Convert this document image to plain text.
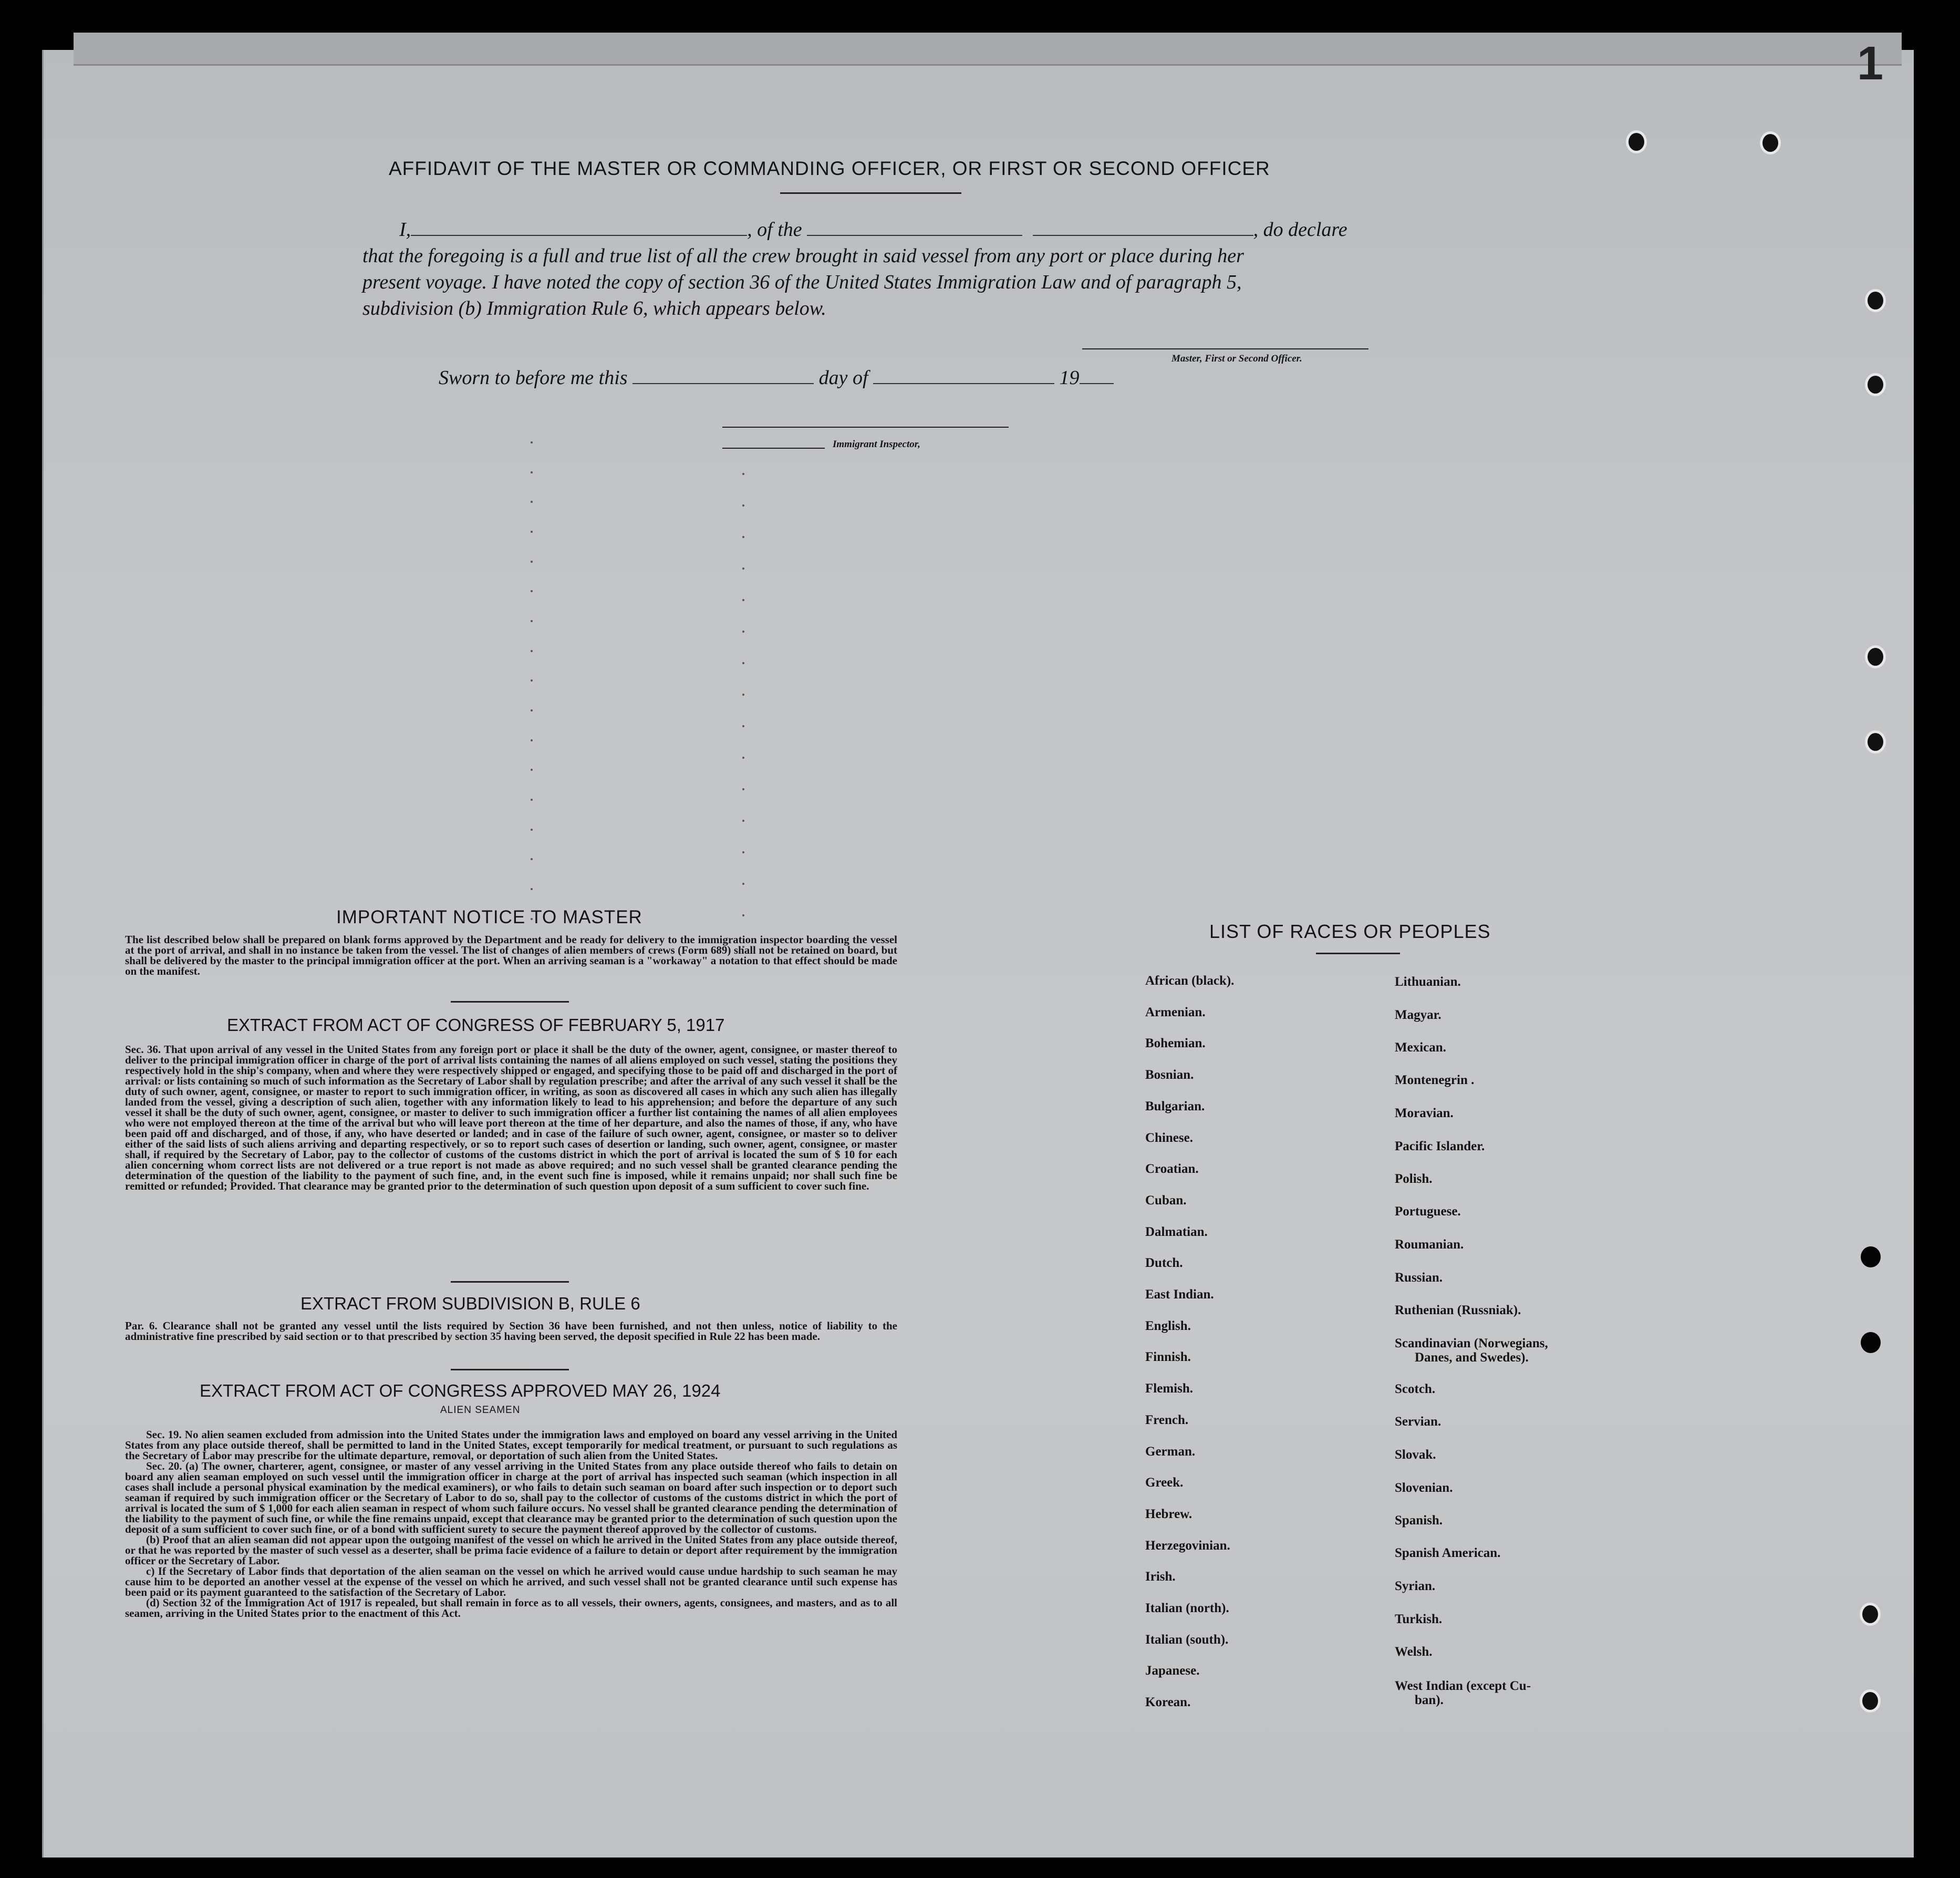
1
AFFIDAVIT OF THE MASTER OR COMMANDING OFFICER, OR FIRST OR SECOND OFFICER
I,	, of the	, do declare
that the foregoing is a full and true list of all the crew brought in said vessel from any port or place during her
present voyage. I have noted the copy of section 36 of the United States Immigration Law and of paragraph 5,
subdivision (b) Immigration Rule 6, which appears below.
Master, First or Second Officer.
Sworn to before me this	day of	19
Immigrant Inspector,
IMPORTANT NOTICE TO MASTER
The list described below shall be prepared on blank forms approved by the Department and be ready for delivery to the immigration inspector boarding the vessel at the port of arrival, and shall in no instance be taken from the vessel. The list of changes of alien members of crews (Form 689) shall not be retained on board, but shall be delivered by the master to the principal immigration officer at the port. When an arriving seaman is a "workaway" a notation to that effect should be made on the manifest.
EXTRACT FROM ACT OF CONGRESS OF FEBRUARY 5, 1917
Sec. 36. That upon arrival of any vessel in the United States from any foreign port or place it shall be the duty of the owner, agent, consignee, or master thereof to deliver to the principal immigration officer in charge of the port of arrival lists containing the names of all aliens employed on such vessel, stating the positions they respectively hold in the ship's company, when and where they were respectively shipped or engaged, and specifying those to be paid off and discharged in the port of arrival: or lists containing so much of such information as the Secretary of Labor shall by regulation prescribe; and after the arrival of any such vessel it shall be the duty of such owner, agent, consignee, or master to report to such immigration officer, in writing, as soon as discovered all cases in which any such alien has illegally landed from the vessel, giving a description of such alien, together with any information likely to lead to his apprehension; and before the departure of any such vessel it shall be the duty of such owner, agent, consignee, or master to deliver to such immigration officer a further list containing the names of all alien employees who were not employed thereon at the time of the arrival but who will leave port thereon at the time of her departure, and also the names of those, if any, who have been paid off and discharged, and of those, if any, who have deserted or landed; and in case of the failure of such owner, agent, consignee, or master so to deliver either of the said lists of such aliens arriving and departing respectively, or so to report such cases of desertion or landing, such owner, agent, consignee, or master shall, if required by the Secretary of Labor, pay to the collector of customs of the customs district in which the port of arrival is located the sum of $ 10 for each alien concerning whom correct lists are not delivered or a true report is not made as above required; and no such vessel shall be granted clearance pending the determination of the question of the liability to the payment of such fine, and, in the event such fine is imposed, while it remains unpaid; nor shall such fine be remitted or refunded; Provided. That clearance may be granted prior to the determination of such question upon deposit of a sum sufficient to cover such fine.
EXTRACT FROM SUBDIVISION B, RULE 6
Par. 6. Clearance shall not be granted any vessel until the lists required by Section 36 have been furnished, and not then unless, notice of liability to the administrative fine prescribed by said section or to that prescribed by section 35 having been served, the deposit specified in Rule 22 has been made.
EXTRACT FROM ACT OF CONGRESS APPROVED MAY 26, 1924
ALIEN SEAMEN
Sec. 19. No alien seamen excluded from admission into the United States under the immigration laws and employed on board any vessel arriving in the United States from any place outside thereof, shall be permitted to land in the United States, except temporarily for medical treatment, or pursuant to such regulations as the Secretary of Labor may prescribe for the ultimate departure, removal, or deportation of such alien from the United States.
Sec. 20. (a) The owner, charterer, agent, consignee, or master of any vessel arriving in the United States from any place outside thereof who fails to detain on board any alien seaman employed on such vessel until the immigration officer in charge at the port of arrival has inspected such seaman (which inspection in all cases shall include a personal physical examination by the medical examiners), or who fails to detain such seaman on board after such inspection or to deport such seaman if required by such immigration officer or the Secretary of Labor to do so, shall pay to the collector of customs of the customs district in which the port of arrival is located the sum of $ 1,000 for each alien seaman in respect of whom such failure occurs. No vessel shall be granted clearance pending the determination of the liability to the payment of such fine, or while the fine remains unpaid, except that clearance may be granted prior to the determination of such question upon the deposit of a sum sufficient to cover such fine, or of a bond with sufficient surety to secure the payment thereof approved by the collector of customs.
(b) Proof that an alien seaman did not appear upon the outgoing manifest of the vessel on which he arrived in the United States from any place outside thereof, or that he was reported by the master of such vessel as a deserter, shall be prima facie evidence of a failure to detain or deport after requirement by the immigration officer or the Secretary of Labor.
c) If the Secretary of Labor finds that deportation of the alien seaman on the vessel on which he arrived would cause undue hardship to such seaman he may cause him to be deported an another vessel at the expense of the vessel on which he arrived, and such vessel shall not be granted clearance until such expense has been paid or its payment guaranteed to the satisfaction of the Secretary of Labor.
(d) Section 32 of the Immigration Act of 1917 is repealed, but shall remain in force as to all vessels, their owners, agents, consignees, and masters, and as to all seamen, arriving in the United States prior to the enactment of this Act.
LIST OF RACES OR PEOPLES
African (black).
Armenian.
Bohemian.
Bosnian.
Bulgarian.
Chinese.
Croatian.
Cuban.
Dalmatian.
Dutch.
East Indian.
English.
Finnish.
Flemish.
French.
German.
Greek.
Hebrew.
Herzegovinian.
Irish.
Italian (north).
Italian (south).
Japanese.
Korean.
Lithuanian.
Magyar.
Mexican.
Montenegrin .
Moravian.
Pacific Islander.
Polish.
Portuguese.
Roumanian.
Russian.
Ruthenian (Russniak).
Scandinavian (Norwegians,
Danes, and Swedes).
Scotch.
Servian.
Slovak.
Slovenian.
Spanish.
Spanish American.
Syrian.
Turkish.
Welsh.
West Indian (except Cu-
ban).
